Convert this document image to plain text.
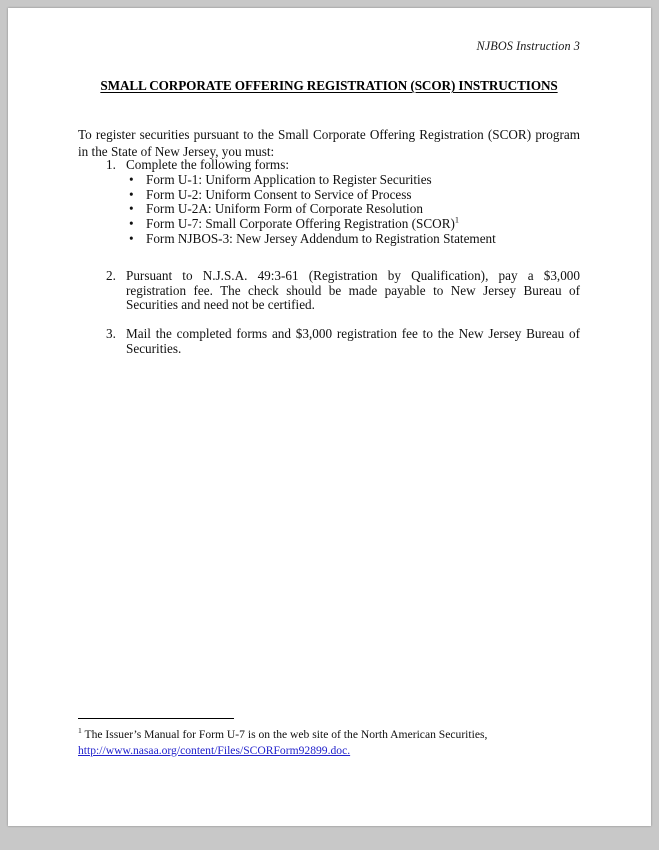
NJBOS Instruction 3
SMALL CORPORATE OFFERING REGISTRATION (SCOR) INSTRUCTIONS

To register securities pursuant to the Small Corporate Offering Registration (SCOR) program in the State of New Jersey, you must:

1. Complete the following forms:
• Form U-1: Uniform Application to Register Securities
• Form U-2: Uniform Consent to Service of Process
• Form U-2A: Uniform Form of Corporate Resolution
• Form U-7: Small Corporate Offering Registration (SCOR)$^1$
• Form NJBOS-3: New Jersey Addendum to Registration Statement
2. Pursuant to N.J.S.A. 49:3-61 (Registration by Qualification), pay a $3,000 registration fee. The check should be made payable to New Jersey Bureau of Securities and need not be certified.
3. Mail the completed forms and $3,000 registration fee to the New Jersey Bureau of Securities.
$^1$ The Issuer’s Manual for Form U-7 is on the web site of the North American Securities,
http://www.nasaa.org/content/Files/SCORForm92899.doc.
